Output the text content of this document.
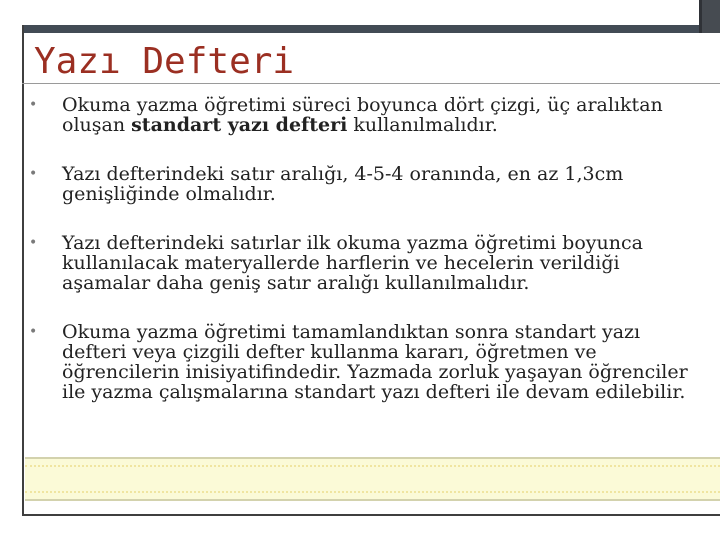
Yazı Defteri
• Okuma yazma öğretimi süreci boyunca dört çizgi, üç aralıktan oluşan standart yazı defteri kullanılmalıdır.
• Yazı defterindeki satır aralığı, 4-5-4 oranında, en az 1,3cm genişliğinde olmalıdır.
• Yazı defterindeki satırlar ilk okuma yazma öğretimi boyunca kullanılacak materyallerde harflerin ve hecelerin verildiği aşamalar daha geniş satır aralığı kullanılmalıdır.
• Okuma yazma öğretimi tamamlandıktan sonra standart yazı defteri veya çizgili defter kullanma kararı, öğretmen ve öğrencilerin inisiyatifindedir. Yazmada zorluk yaşayan öğrenciler ile yazma çalışmalarına standart yazı defteri ile devam edilebilir.
